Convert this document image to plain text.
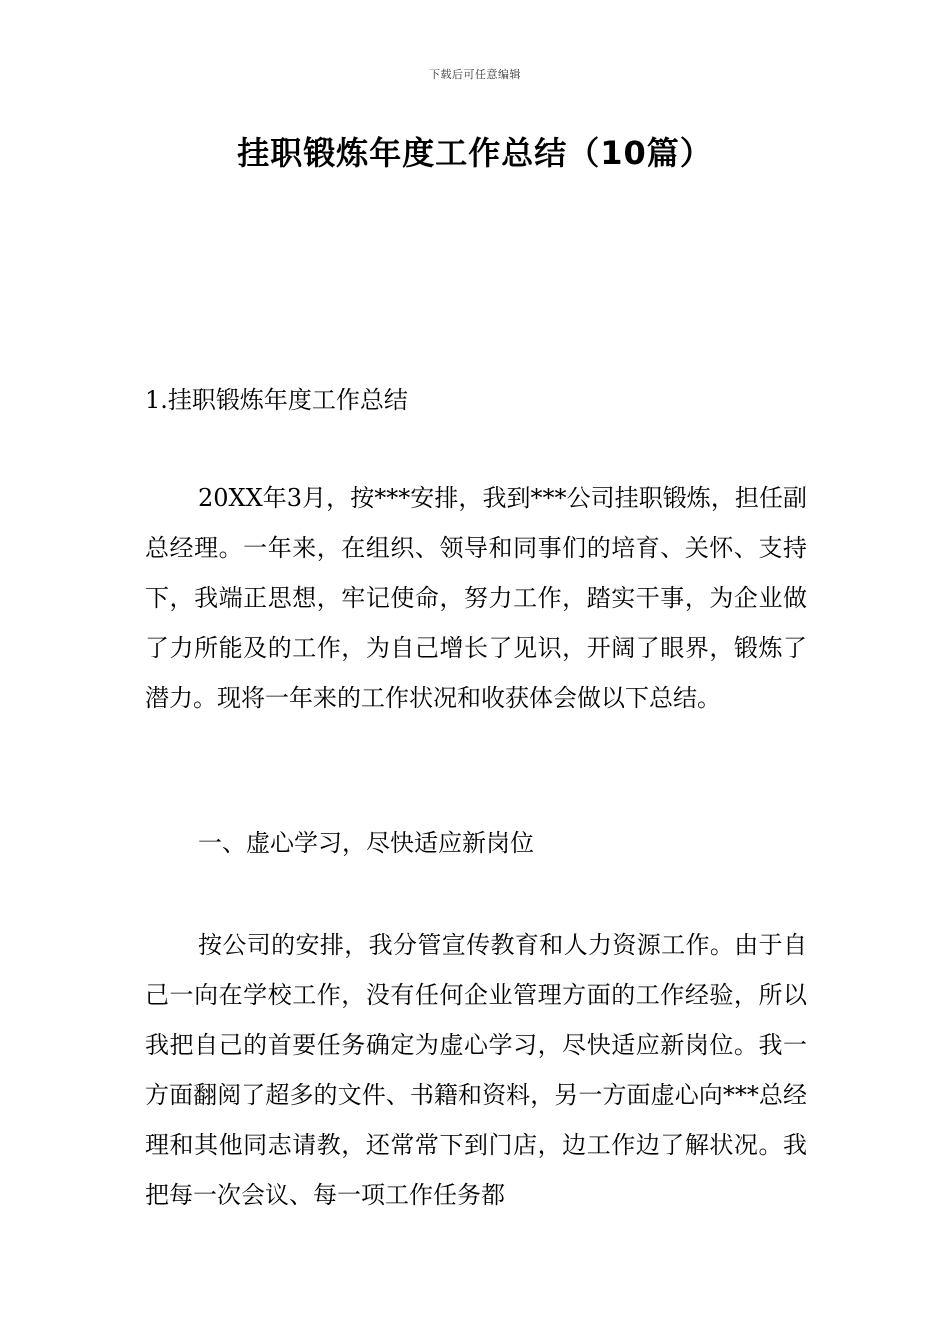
下载后可任意编辑
挂职锻炼年度工作总结（10篇）
1.挂职锻炼年度工作总结

20XX年3月，按***安排，我到***公司挂职锻炼，担任副总经理。一年来，在组织、领导和同事们的培育、关怀、支持下，我端正思想，牢记使命，努力工作，踏实干事，为企业做了力所能及的工作，为自己增长了见识，开阔了眼界，锻炼了潜力。现将一年来的工作状况和收获体会做以下总结。

一、虚心学习，尽快适应新岗位

按公司的安排，我分管宣传教育和人力资源工作。由于自己一向在学校工作，没有任何企业管理方面的工作经验，所以我把自己的首要任务确定为虚心学习，尽快适应新岗位。我一方面翻阅了超多的文件、书籍和资料，另一方面虚心向***总经理和其他同志请教，还常常下到门店，边工作边了解状况。我把每一次会议、每一项工作任务都
